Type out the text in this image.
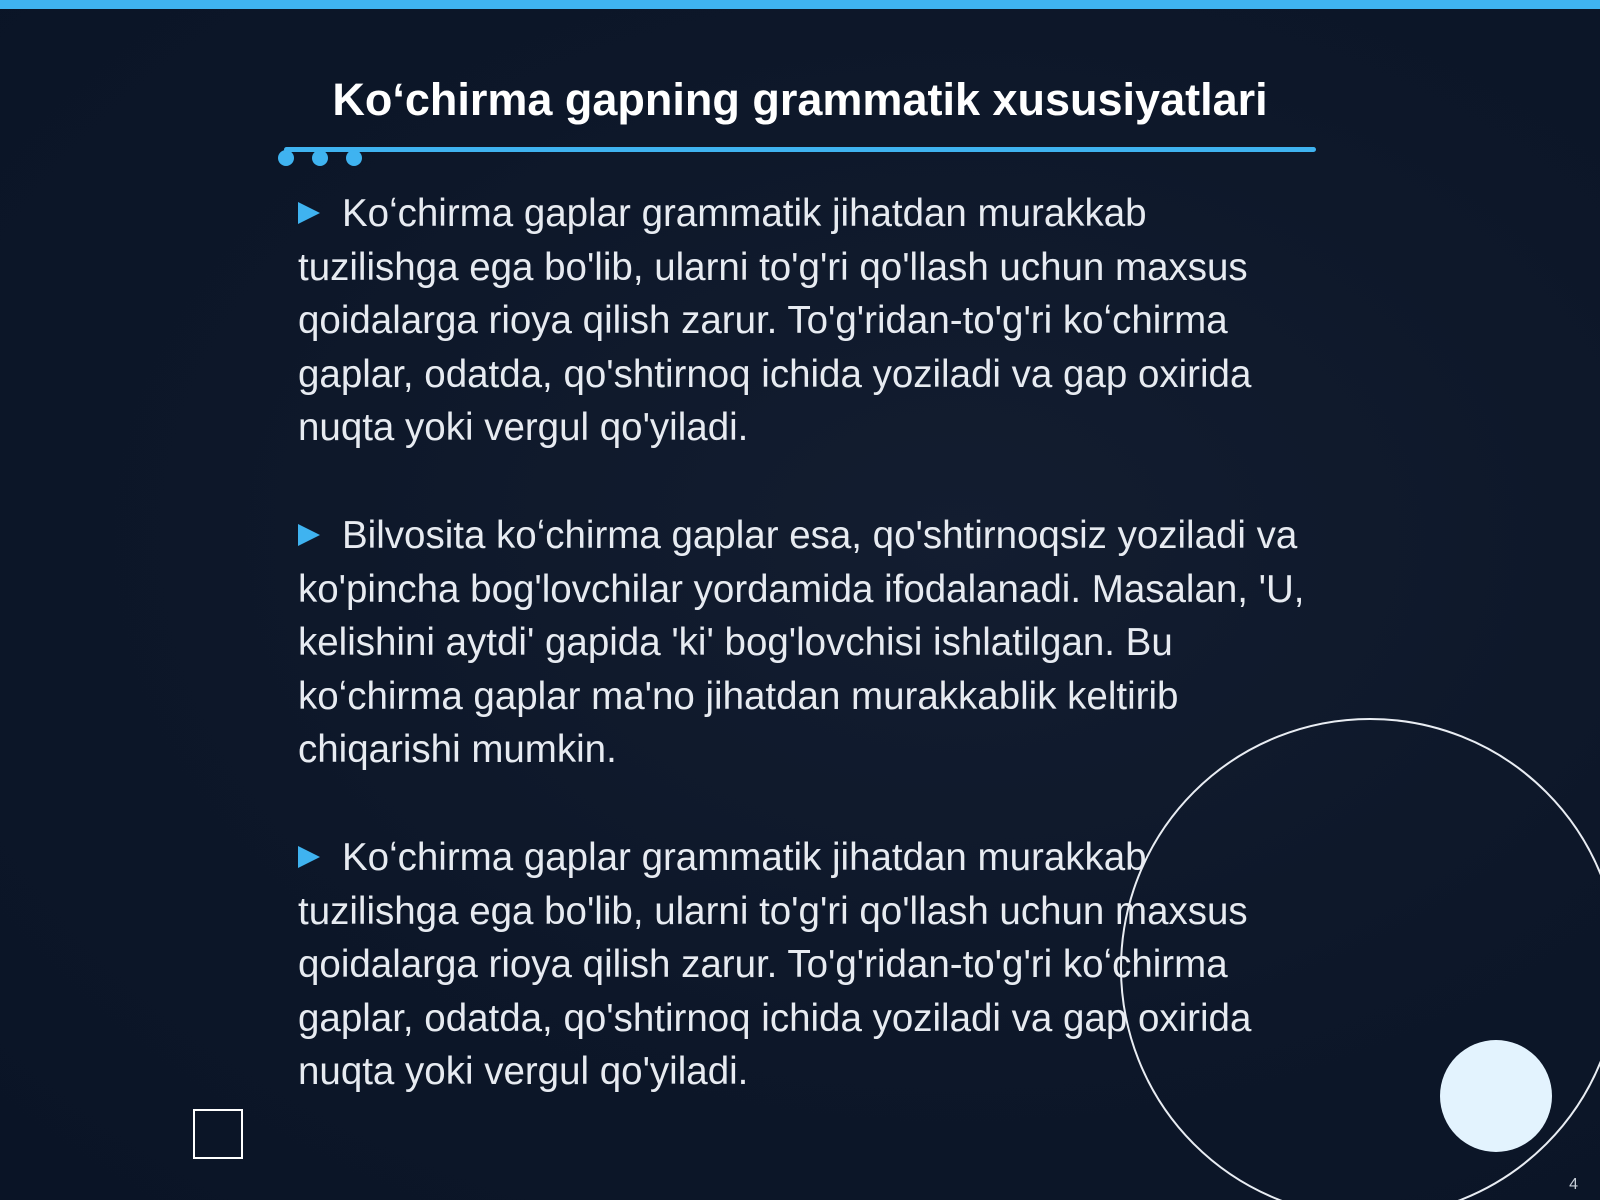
Koʻchirma gapning grammatik xususiyatlari

Koʻchirma gaplar grammatik jihatdan murakkab tuzilishga ega bo'lib, ularni to'g'ri qo'llash uchun maxsus qoidalarga rioya qilish zarur. To'g'ridan-to'g'ri koʻchirma gaplar, odatda, qo'shtirnoq ichida yoziladi va gap oxirida nuqta yoki vergul qo'yiladi.

Bilvosita koʻchirma gaplar esa, qo'shtirnoqsiz yoziladi va ko'pincha bog'lovchilar yordamida ifodalanadi. Masalan, 'U, kelishini aytdi' gapida 'ki' bog'lovchisi ishlatilgan. Bu koʻchirma gaplar ma'no jihatdan murakkablik keltirib chiqarishi mumkin.

Koʻchirma gaplar grammatik jihatdan murakkab tuzilishga ega bo'lib, ularni to'g'ri qo'llash uchun maxsus qoidalarga rioya qilish zarur. To'g'ridan-to'g'ri koʻchirma gaplar, odatda, qo'shtirnoq ichida yoziladi va gap oxirida nuqta yoki vergul qo'yiladi.

4
